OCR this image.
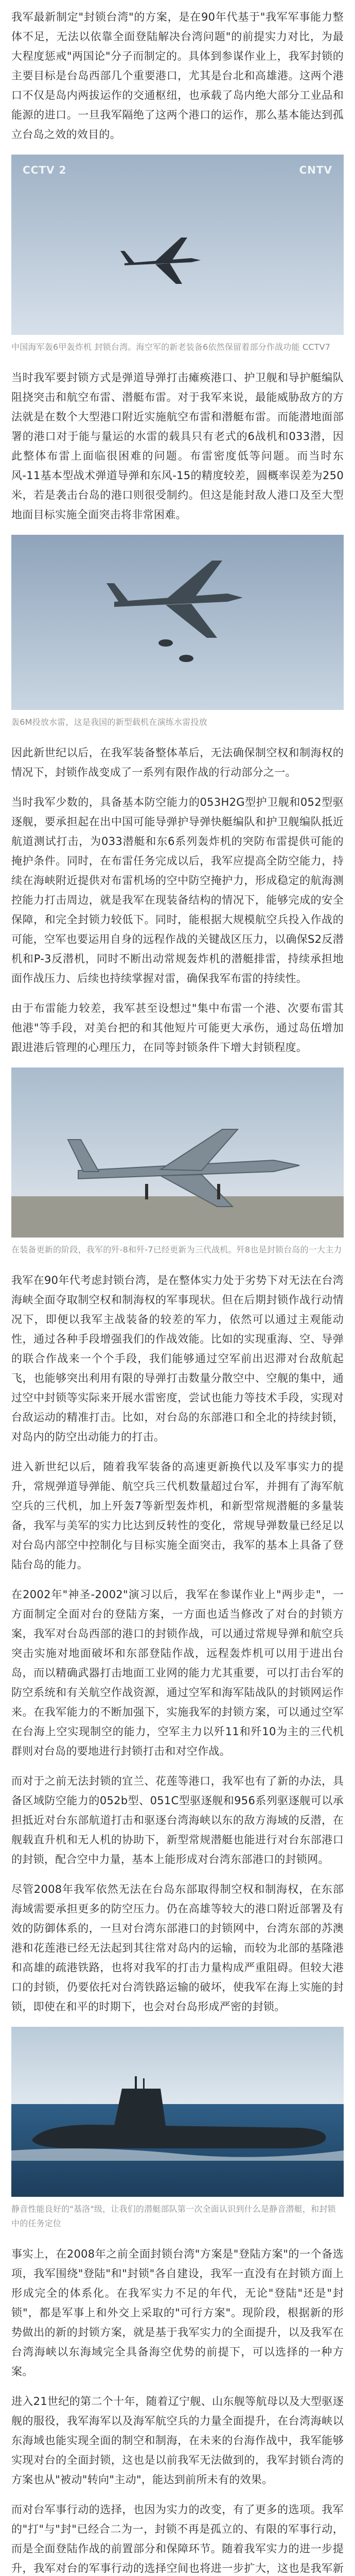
我军最新制定"封锁台湾"的方案，是在90年代基于"我军军事能力整体不足，无法以依靠全面登陆解决台湾问题"的前提实力对比，为最大程度惩戒"两国论"分子而制定的。具体到参谋作业上，我军封锁的主要目标是台岛西部几个重要港口，尤其是台北和高雄港。这两个港口不仅是岛内两拔运作的交通枢纽，也承载了岛内绝大部分工业品和能源的进口。一旦我军隔绝了这两个港口的运作，那么基本能达到孤立台岛之效的效目的。

CCTV 2	CNTV
中国海军轰6甲轰炸机 封锁台湾。海空军的新老装备6依然保留着部分作战功能 CCTV7

当时我军要封锁方式是弹道导弹打击瘫痪港口、护卫舰和导护艇编队阻挠突击和航空布雷、潜艇布雷。对于我军来说，最能威胁敌方的方法就是在数个大型港口附近实施航空布雷和潜艇布雷。而能潜地面部署的港口对于能与量运的水雷的载具只有老式的6战机和033潜，因此整体布雷上面临很困难的问题。布雷密度低等问题。而当时东风-11基本型战术弹道导弹和东风-15的精度较差，圆概率误差为250米，若是袭击台岛的港口则很受制约。但这是能封敌人港口及至大型地面目标实施全面突击将非常困难。

轰6M投放水雷，这是我国的新型载机在演练水雷投放

因此新世纪以后，在我军装备整体革后，无法确保制空权和制海权的情况下，封锁作战变成了一系列有限作战的行动部分之一。

当时我军少数的，具备基本防空能力的053H2G型护卫舰和052型驱逐舰，要承担起在出中国可能导弹护导弹快艇编队和护卫舰编队抵近航道测试打击，为033潜艇和东6系列轰炸机的突防布雷提供可能的掩护条件。同时，在布雷任务完成以后，我军应提高全防空能力，持续在海峡附近提供对布雷机场的空中防空掩护力，形成稳定的航海测控能力打击周边，就是我军在现装备结构的情况下，能够完成的安全保障，和完全封锁力较低下。同时，能根据大规模航空兵投入作战的可能，空军也要运用自身的远程作战的关键战区压力，以确保S2反潜机和P-3反潜机，同时不断出动常规轰炸机的潜艇排雷，持续承担地面作战压力、后续也持续掌握对雷，确保我军布雷的持续性。

由于布雷能力较差，我军甚至设想过"集中布雷一个港、次要布雷其他港"等手段，对美台把的和其他短片可能更大承伤，通过岛伍增加跟进港后管理的心理压力，在同等封锁条件下增大封锁程度。

在装备更新的阶段，我军的歼-8和歼-7已经更新为三代战机。歼8也是封锁台岛的一大主力

我军在90年代考虑封锁台湾，是在整体实力处于劣势下对无法在台湾海峡全面夺取制空权和制海权的军事现状。但在后期封锁作战行动情况下，即便以我军主战装备的较差的军力，依然可以通过主观能动性，通过各种手段增强我们的作战效能。比如的实现重海、空、导弹的联合作战来一个个手段，我们能够通过空军前出迟滞对台敌航起飞，也能够突出利用有限的导弹打击数量分散空中、空舰的集中，通过空中封锁等实际来开展水雷密度，尝试也能力等技术手段，实现对台敌运动的精准打击。比如，对台岛的东部港口和全北的持续封锁，对岛内的防空出动能力的打击。

进入新世纪以后，随着我军装备的高速更新换代以及军事实力的提升，常规弹道导弹能、航空兵三代机数量超过台军，并拥有了海军航空兵的三代机，加上歼轰7等新型轰炸机，和新型常规潜艇的多量装备，我军与美军的实力比达到反转性的变化，常规导弹数量已经足以对台岛内部空中控制化与目标实施全面突击，我军的基本上具备了登陆台岛的能力。

在2002年"神圣-2002"演习以后，我军在参谋作业上"两步走"，一方面制定全面对台的登陆方案，一方面也适当修改了对台的封锁方案，我军对台岛西部的港口的封锁作战，可以通过常规导弹和航空兵突击实施对地面破坏和东部登陆作战，远程轰炸机可以用于进出台岛，而以精确武器打击地面工业网的能力尤其重要，可以打击台军的防空系统和有关航空作战资源，通过空军和海军陆战队的封锁网运作来。在我军能力的不断加强下，实施我军的封锁方案，可以通过空军在台海上空实现制空的能力，空军主力以歼11和歼10为主的三代机群则对台岛的要地进行封锁打击和对空作战。

而对于之前无法封锁的宜兰、花莲等港口，我军也有了新的办法，具备区域防空能力的052b型、051C型驱逐舰和956系列驱逐舰可以承担抵近对台东部航道打击和驱逐台湾海峡以东的敌方海域的反潜，在舰载直升机和无人机的协助下，新型常规潜艇也能进行对台东部港口的封锁，配合空中力量，基本上能形成对台湾东部港口的封锁网。

尽管2008年我军依然无法在台岛东部取得制空权和制海权，在东部海域需要承担更多的防空压力。仍在高雄等较大的港口附近部署及有效的防御体系的，一旦对台湾东部港口的封锁网中，台湾东部的苏澳港和花莲港已经无法起到其往常对岛内的运输，而较为北部的基隆港和高雄的疏港铁路，也将对我军的打击力量构成严重阻碍。但较大港口的封锁，仍要依托对台湾铁路运输的破坏，使我军在海上实施的封锁，即使在和平的时期下，也会对台岛形成严密的封锁。

静音性能良好的"基洛"级，让我们的潜艇部队第一次全面认识到什么是静音潜艇，和封锁中的任务定位

事实上，在2008年之前全面封锁台湾"方案是"登陆方案"的一个备选项，我军围绕"登陆"和"封锁"各自建设，我军一直没有在封锁方面上形成完全的体系化。在我军实力不足的年代，无论"登陆"还是"封锁"，都是军事上和外交上采取的"可行方案"。现阶段，根据新的形势做出的新的封锁方案，就是基于我军实力的全面提升，以及我军在台湾海峡以东海域完全具备海空优势的前提下，可以选择的一种方案。

进入21世纪的第二个十年，随着辽宁舰、山东舰等航母以及大型驱逐舰的服役，我军海军以及海军航空兵的力量全面提升，在台湾海峡以东海域也能实现全面的制空和制海，在未来的台海作战中，我军能够实现对台的全面封锁，这也是以前我军无法做到的，我军封锁台湾的方案也从"被动"转向"主动"，能达到前所未有的效果。

而对台军事行动的选择，也因为实力的改变，有了更多的选项。我军的"打"与"封"已经合二为一，封锁不再是孤立的、有限的军事行动，而是全面登陆作战的前置部分和保障环节。随着我军实力的进一步提升，我军对台的军事行动的选择空间也将进一步扩大，这也是我军新
